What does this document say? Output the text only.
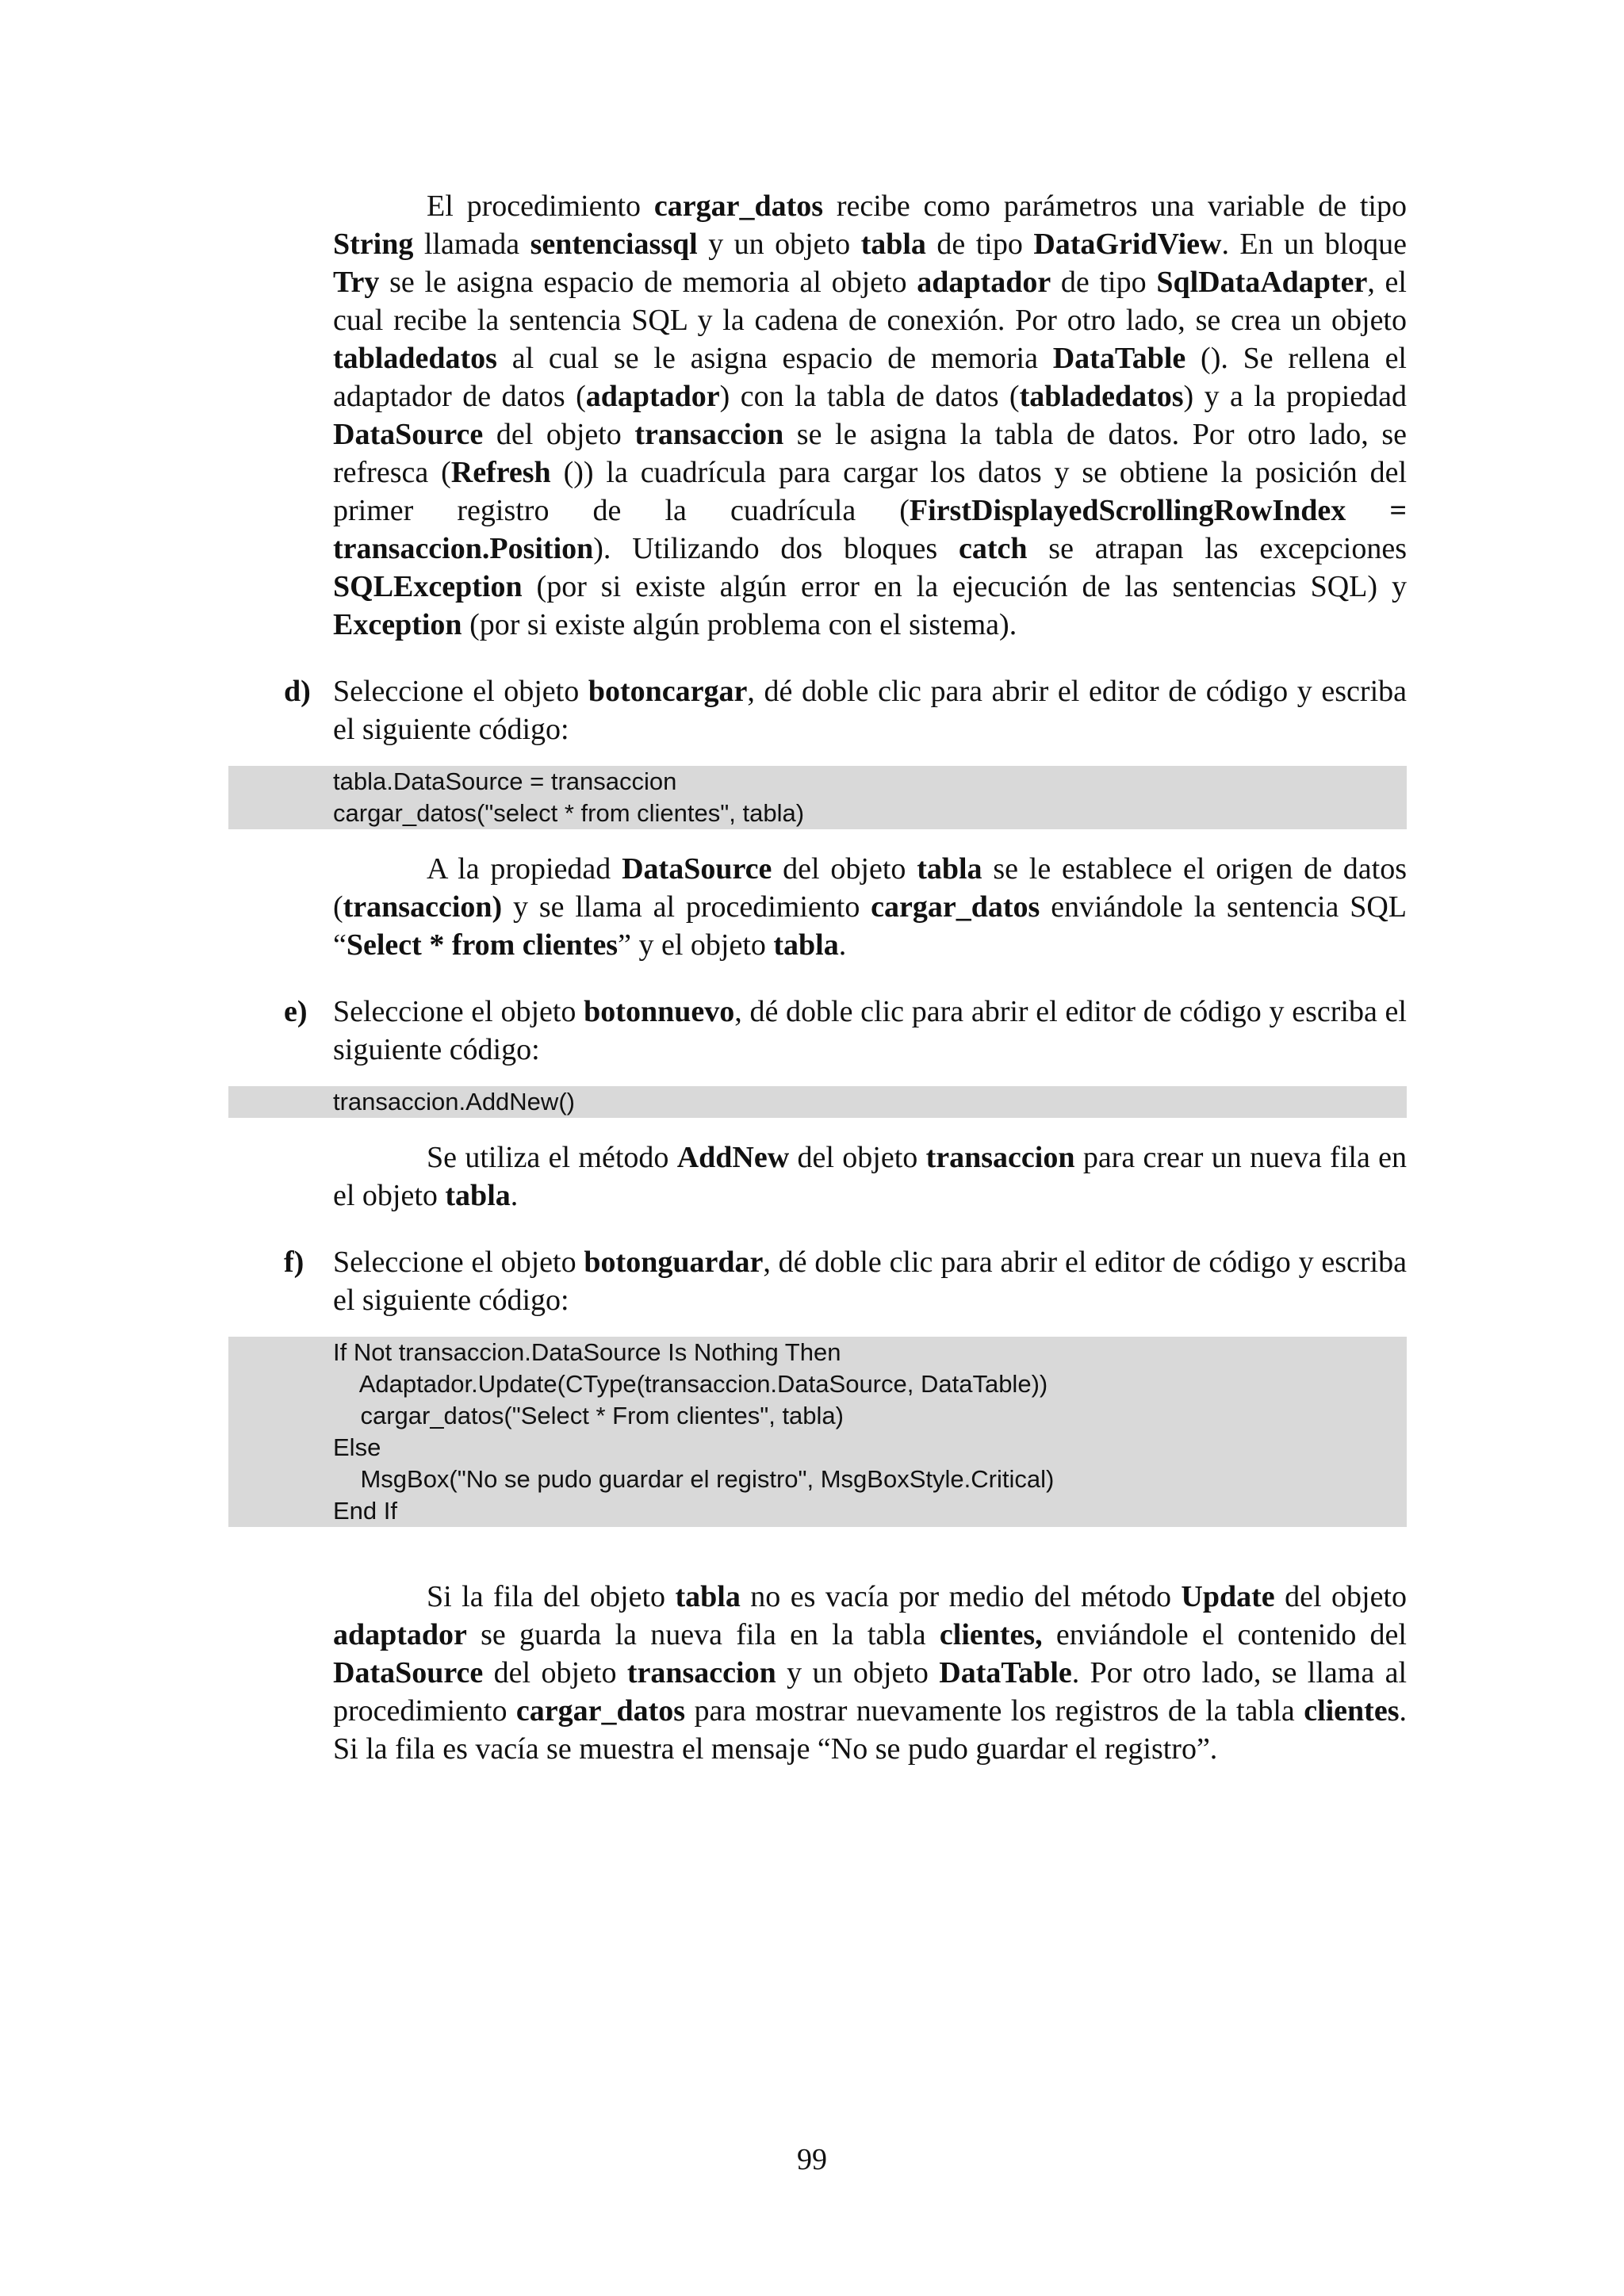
El procedimiento cargar_datos recibe como parámetros una variable de tipo String llamada sentenciassql y un objeto tabla de tipo DataGridView. En un bloque Try se le asigna espacio de memoria al objeto adaptador de tipo SqlDataAdapter, el cual recibe la sentencia SQL y la cadena de conexión. Por otro lado, se crea un objeto tabladedatos al cual se le asigna espacio de memoria DataTable (). Se rellena el adaptador de datos (adaptador) con la tabla de datos (tabladedatos) y a la propiedad DataSource del objeto transaccion se le asigna la tabla de datos. Por otro lado, se refresca (Refresh ()) la cuadrícula para cargar los datos y se obtiene la posición del primer registro de la cuadrícula (FirstDisplayedScrollingRowIndex = transaccion.Position). Utilizando dos bloques catch se atrapan las excepciones SQLException (por si existe algún error en la ejecución de las sentencias SQL) y Exception (por si existe algún problema con el sistema).

d) Seleccione el objeto botoncargar, dé doble clic para abrir el editor de código y escriba el siguiente código:

tabla.DataSource = transaccion
cargar_datos("select * from clientes", tabla)

A la propiedad DataSource del objeto tabla se le establece el origen de datos (transaccion) y se llama al procedimiento cargar_datos enviándole la sentencia SQL “Select * from clientes” y el objeto tabla.

e) Seleccione el objeto botonnuevo, dé doble clic para abrir el editor de código y escriba el siguiente código:

transaccion.AddNew()

Se utiliza el método AddNew del objeto transaccion para crear un nueva fila en el objeto tabla.

f) Seleccione el objeto botonguardar, dé doble clic para abrir el editor de código y escriba el siguiente código:

If Not transaccion.DataSource Is Nothing Then
Adaptador.Update(CType(transaccion.DataSource, DataTable))
cargar_datos("Select * From clientes", tabla)
Else
MsgBox("No se pudo guardar el registro", MsgBoxStyle.Critical)
End If

Si la fila del objeto tabla no es vacía por medio del método Update del objeto adaptador se guarda la nueva fila en la tabla clientes, enviándole el contenido del DataSource del objeto transaccion y un objeto DataTable. Por otro lado, se llama al procedimiento cargar_datos para mostrar nuevamente los registros de la tabla clientes. Si la fila es vacía se muestra el mensaje “No se pudo guardar el registro”.

99
